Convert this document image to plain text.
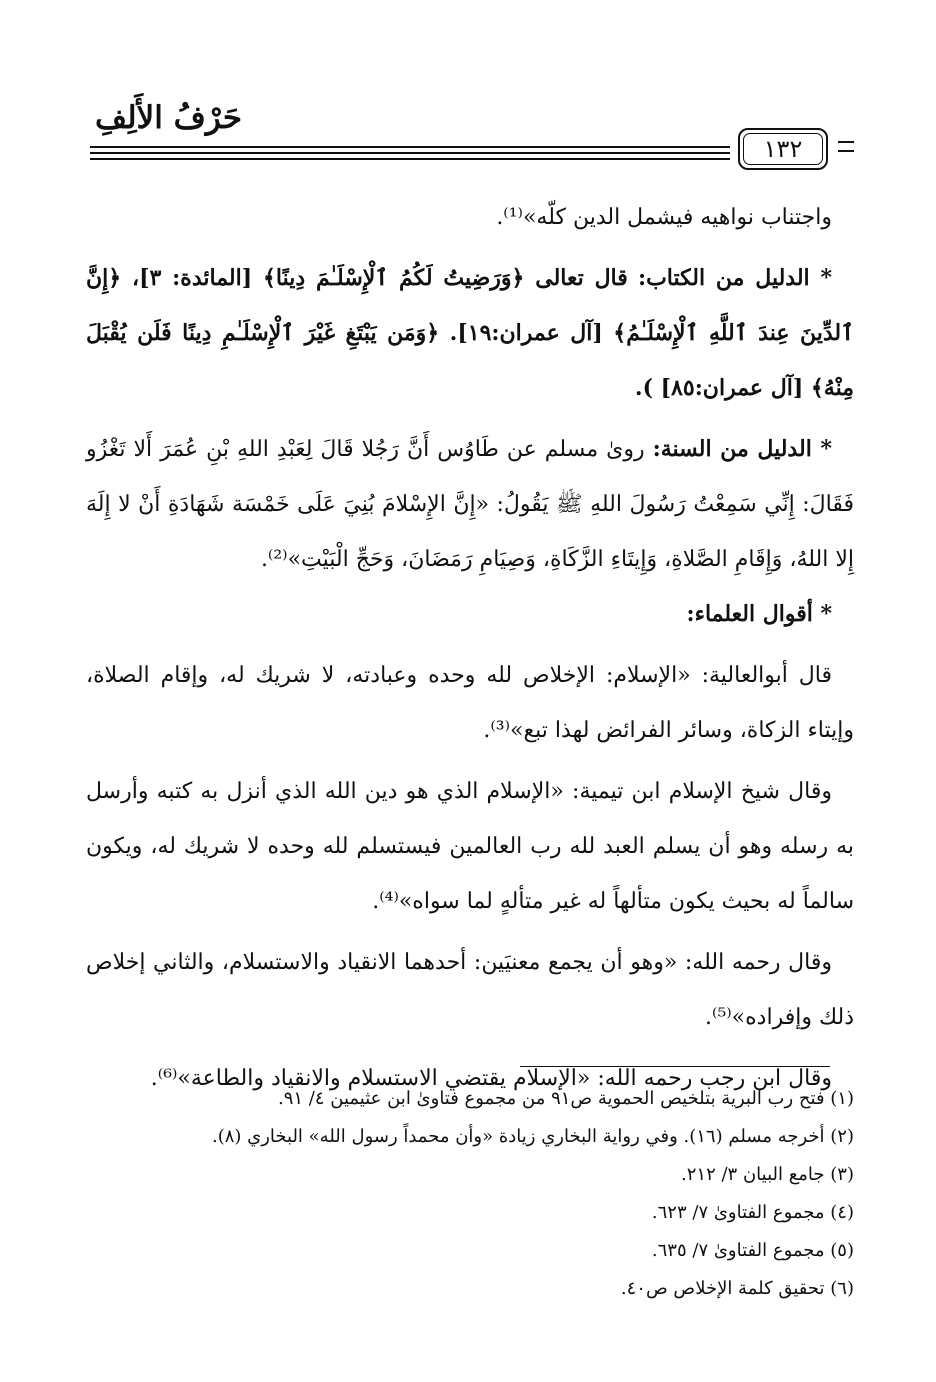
حَرْفُ الأَلِفِ
١٣٢

واجتناب نواهيه فيشمل الدين كلّه»⁽¹⁾.

* الدليل من الكتاب: قال تعالى ﴿وَرَضِيتُ لَكُمُ ٱلْإِسْلَـٰمَ دِينًا﴾ [المائدة: ٣]، ﴿إِنَّ ٱلدِّينَ عِندَ ٱللَّهِ ٱلْإِسْلَـٰمُ﴾ [آل عمران:١٩]. ﴿وَمَن يَبْتَغِ غَيْرَ ٱلْإِسْلَـٰمِ دِينًا فَلَن يُقْبَلَ مِنْهُ﴾ [آل عمران:٨٥] ).

* الدليل من السنة: روىٰ مسلم عن طَاوُس أَنَّ رَجُلا قَالَ لِعَبْدِ اللهِ بْنِ عُمَرَ أَلا تَغْزُو فَقَالَ: إِنِّي سَمِعْتُ رَسُولَ اللهِ ﷺ يَقُولُ: «إِنَّ الإِسْلامَ بُنِيَ عَلَى خَمْسَة شَهَادَةِ أَنْ لا إِلَهَ إِلا اللهُ، وَإِقَامِ الصَّلاةِ، وَإِيتَاءِ الزَّكَاةِ، وَصِيَامِ رَمَضَانَ، وَحَجِّ الْبَيْتِ»⁽²⁾.

* أقوال العلماء:

قال أبوالعالية: «الإسلام: الإخلاص لله وحده وعبادته، لا شريك له، وإقام الصلاة، وإيتاء الزكاة، وسائر الفرائض لهذا تبع»⁽³⁾.

وقال شيخ الإسلام ابن تيمية: «الإسلام الذي هو دين الله الذي أنزل به كتبه وأرسل به رسله وهو أن يسلم العبد لله رب العالمين فيستسلم لله وحده لا شريك له، ويكون سالماً له بحيث يكون متألهاً له غير متألهٍ لما سواه»⁽⁴⁾.

وقال رحمه الله: «وهو أن يجمع معنيَين: أحدهما الانقياد والاستسلام، والثاني إخلاص ذلك وإفراده»⁽⁵⁾.

وقال ابن رجب رحمه الله: «الإسلام يقتضي الاستسلام والانقياد والطاعة»⁽⁶⁾.

(١) فتح رب البرية بتلخيص الحموية ص٩١ من مجموع فتاوىٰ ابن عثيمين ٤/ ٩١.

(٢) أخرجه مسلم (١٦). وفي رواية البخاري زيادة «وأن محمداً رسول الله» البخاري (٨).

(٣) جامع البيان ٣/ ٢١٢.

(٤) مجموع الفتاوىٰ ٧/ ٦٢٣.

(٥) مجموع الفتاوىٰ ٧/ ٦٣٥.

(٦) تحقيق كلمة الإخلاص ص٤٠.
